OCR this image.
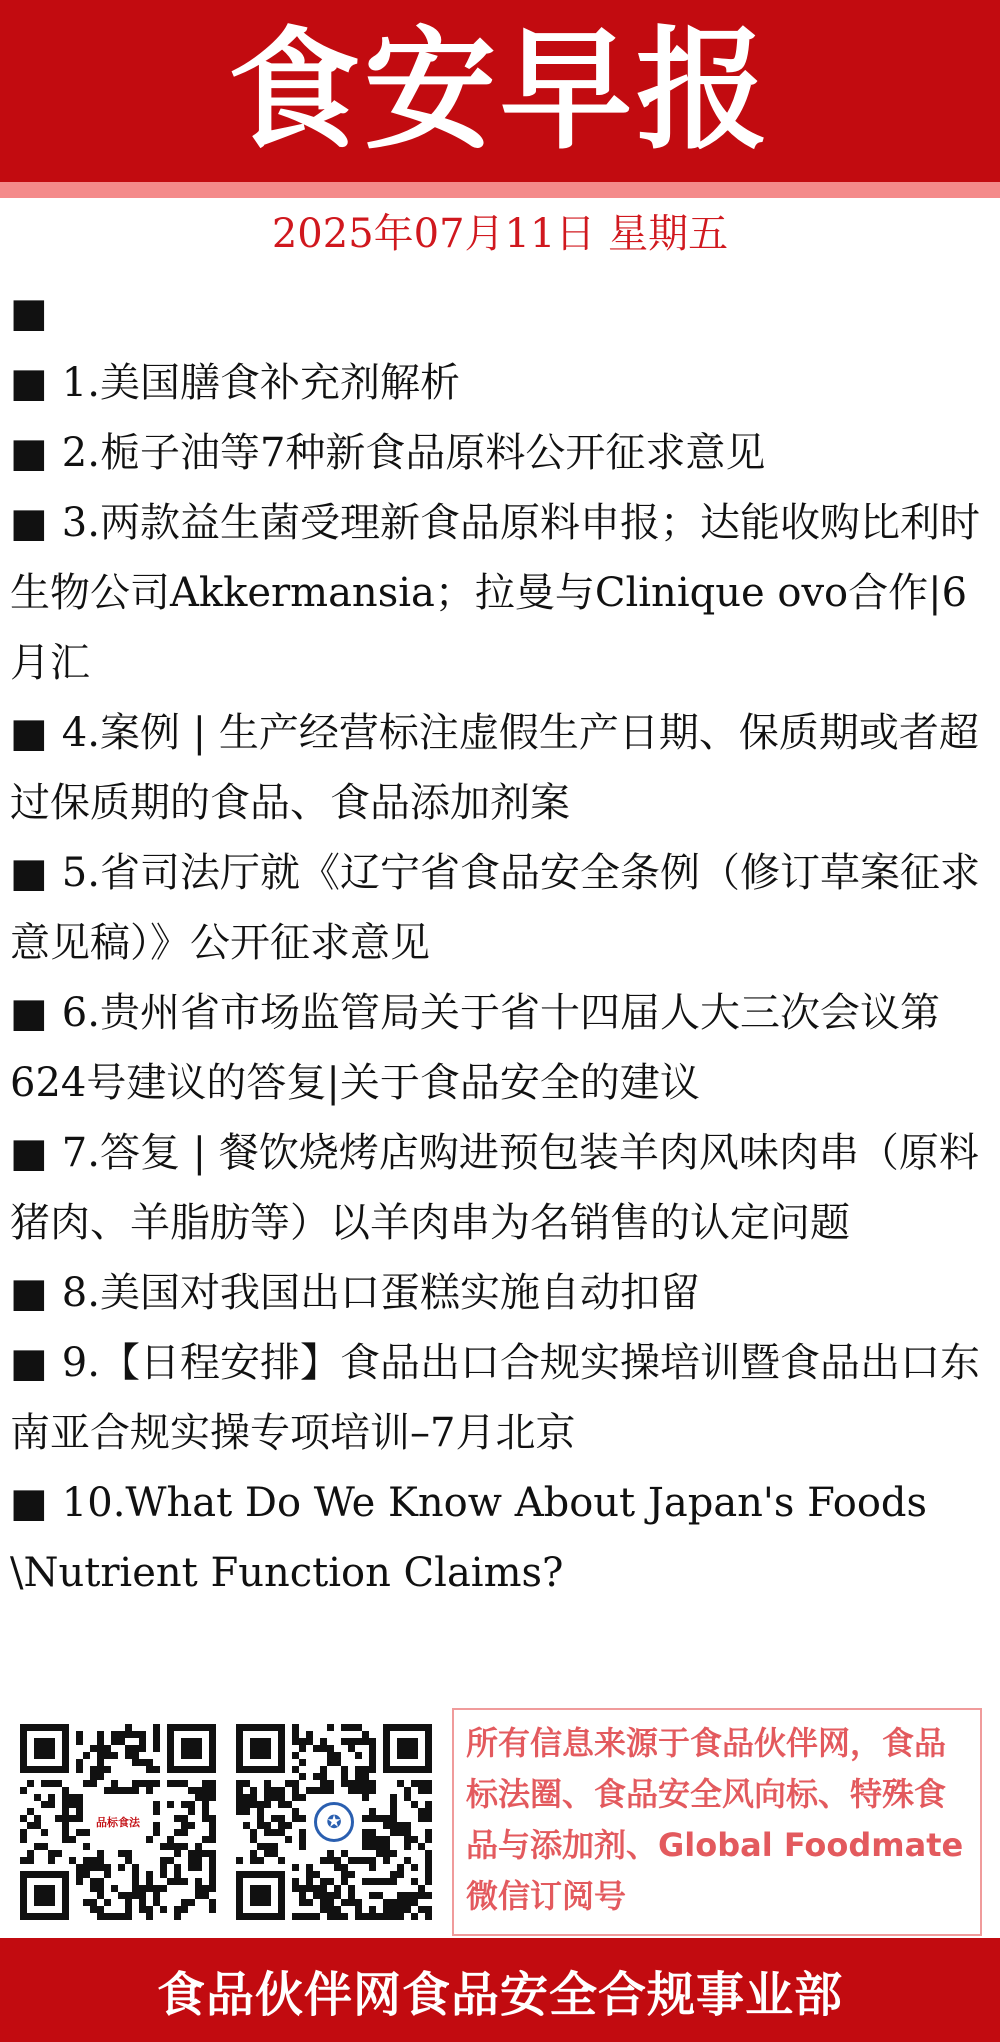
食安早报
2025年07月11日 星期五
■
■ 1.美国膳食补充剂解析
■ 2.栀子油等7种新食品原料公开征求意见
■ 3.两款益生菌受理新食品原料申报；达能收购比利时生物公司Akkermansia；拉曼与Clinique ovo合作|6月汇
■ 4.案例 | 生产经营标注虚假生产日期、保质期或者超过保质期的食品、食品添加剂案
■ 5.省司法厅就《辽宁省食品安全条例（修订草案征求意见稿）》公开征求意见
■ 6.贵州省市场监管局关于省十四届人大三次会议第624号建议的答复|关于食品安全的建议
■ 7.答复 | 餐饮烧烤店购进预包装羊肉风味肉串（原料猪肉、羊脂肪等）以羊肉串为名销售的认定问题
■ 8.美国对我国出口蛋糕实施自动扣留
■ 9.【日程安排】食品出口合规实操培训暨食品出口东南亚合规实操专项培训–7月北京
■ 10.What Do We Know About Japan's Foods \Nutrient Function Claims?
品标食法	✪
所有信息来源于食品伙伴网，食品标法圈、食品安全风向标、特殊食品与添加剂、Global Foodmate微信订阅号
食品伙伴网食品安全合规事业部
